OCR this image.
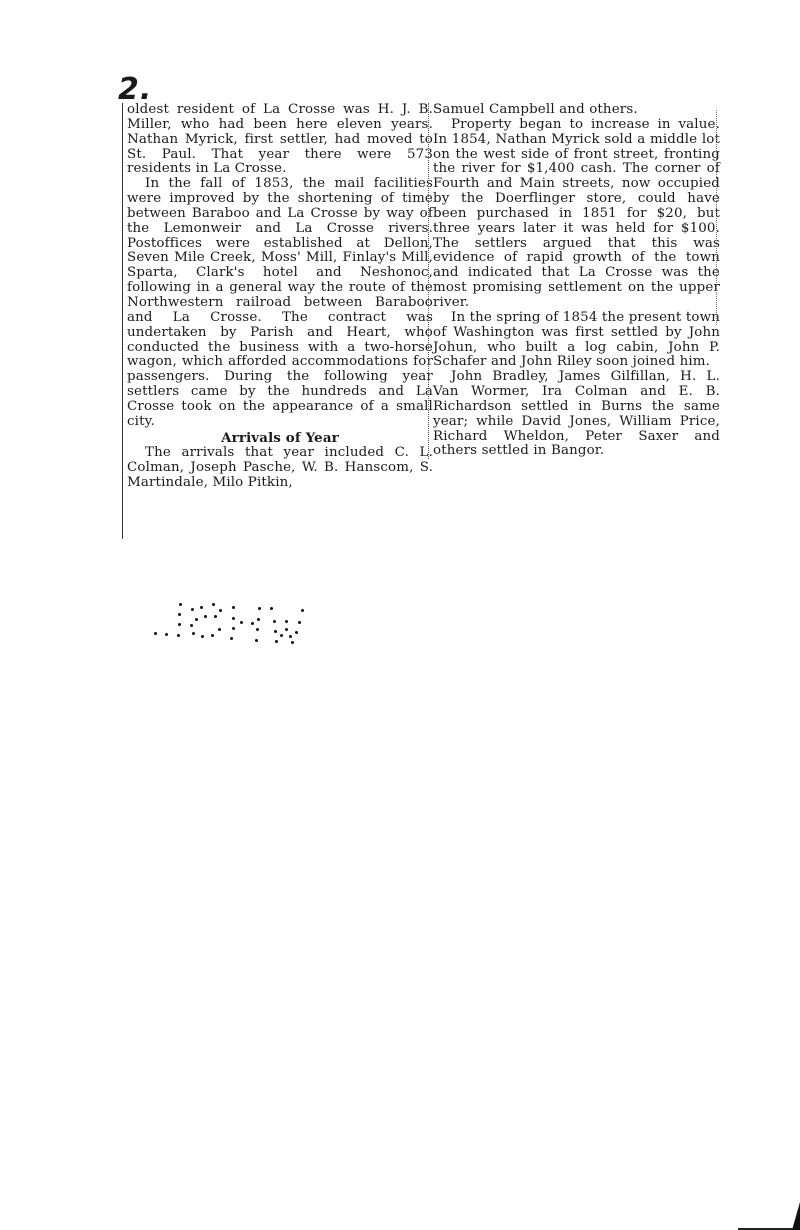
2.

oldest resident of La Crosse was H. J. B. Miller, who had been here eleven years. Nathan Myrick, first settler, had moved to St. Paul. That year there were 573 residents in La Crosse.

In the fall of 1853, the mail facilities were improved by the shortening of time between Baraboo and La Crosse by way of the Lemonweir and La Crosse rivers. Postoffices were established at Dellon, Seven Mile Creek, Moss' Mill, Finlay's Mill, Sparta, Clark's hotel and Neshonoc, following in a general way the route of the Northwestern railroad between Baraboo and La Crosse. The contract was undertaken by Parish and Heart, who conducted the business with a two-horse wagon, which afforded accommodations for passengers. During the following year settlers came by the hundreds and La Crosse took on the appearance of a small city.

Arrivals of Year

The arrivals that year included C. L. Colman, Joseph Pasche, W. B. Hanscom, S. Martindale, Milo Pitkin,

Samuel Campbell and others.

Property began to increase in value. In 1854, Nathan Myrick sold a middle lot on the west side of front street, fronting the river for $1,400 cash. The corner of Fourth and Main streets, now occupied by the Doerflinger store, could have been purchased in 1851 for $20, but three years later it was held for $100. The settlers argued that this was evidence of rapid growth of the town and indicated that La Crosse was the most promising settlement on the upper river.

In the spring of 1854 the present town of Washington was first settled by John Johun, who built a log cabin, John P. Schafer and John Riley soon joined him.

John Bradley, James Gilfillan, H. L. Van Wormer, Ira Colman and E. B. Richardson settled in Burns the same year; while David Jones, William Price, Richard Wheldon, Peter Saxer and others settled in Bangor.
